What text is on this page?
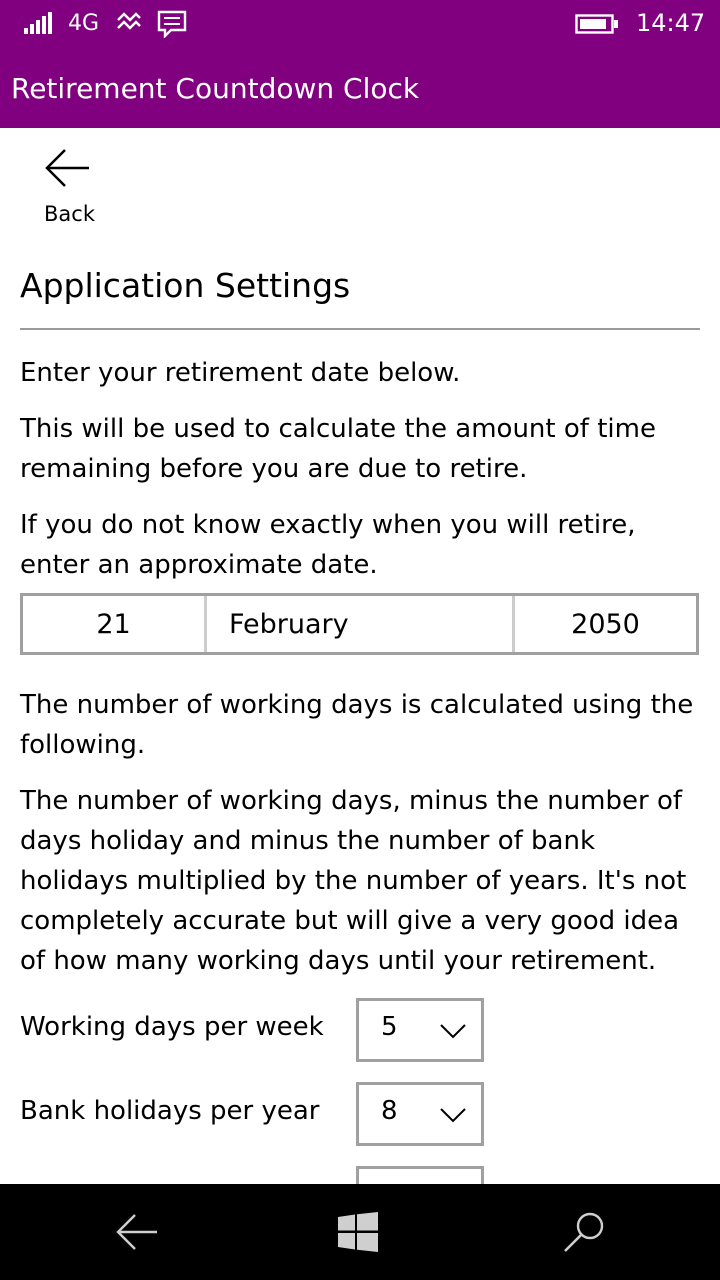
4G	14:47
Retirement Countdown Clock
Back
Application Settings

Enter your retirement date below.

This will be used to calculate the amount of time remaining before you are due to retire.

If you do not know exactly when you will retire, enter an approximate date.

21	February	2050

The number of working days is calculated using the following.

The number of working days, minus the number of days holiday and minus the number of bank holidays multiplied by the number of years. It's not completely accurate but will give a very good idea of how many working days until your retirement.

Working days per week 5
Bank holidays per year 8
